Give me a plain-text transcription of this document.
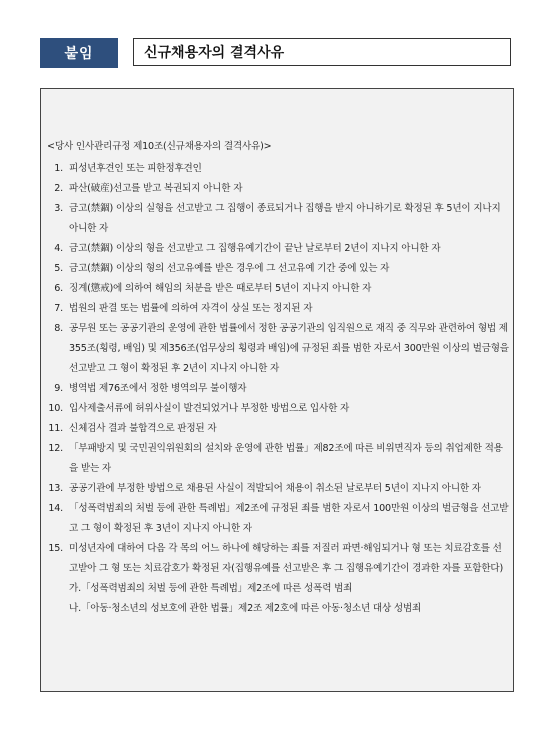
붙임	신규채용자의 결격사유
<당사 인사관리규정 제10조(신규채용자의 결격사유)>
1. 피성년후견인 또는 피한정후견인
2. 파산(破産)선고를 받고 복권되지 아니한 자
3. 금고(禁錮) 이상의 실형을 선고받고 그 집행이 종료되거나 집행을 받지 아니하기로 확정된 후 5년이 지나지 아니한 자
4. 금고(禁錮) 이상의 형을 선고받고 그 집행유예기간이 끝난 날로부터 2년이 지나지 아니한 자
5. 금고(禁錮) 이상의 형의 선고유예를 받은 경우에 그 선고유예 기간 중에 있는 자
6. 징계(懲戒)에 의하여 해임의 처분을 받은 때로부터 5년이 지나지 아니한 자
7. 법원의 판결 또는 법률에 의하여 자격이 상실 또는 정지된 자
8. 공무원 또는 공공기관의 운영에 관한 법률에서 정한 공공기관의 임직원으로 재직 중 직무와 관련하여 형법 제355조(횡령, 배임) 및 제356조(업무상의 횡령과 배임)에 규정된 죄를 범한 자로서 300만원 이상의 벌금형을 선고받고 그 형이 확정된 후 2년이 지나지 아니한 자
9. 병역법 제76조에서 정한 병역의무 불이행자
10. 입사제출서류에 허위사실이 발견되었거나 부정한 방법으로 입사한 자
11. 신체검사 결과 불합격으로 판정된 자
12. 「부패방지 및 국민권익위원회의 설치와 운영에 관한 법률」제82조에 따른 비위면직자 등의 취업제한 적용을 받는 자
13. 공공기관에 부정한 방법으로 채용된 사실이 적발되어 채용이 취소된 날로부터 5년이 지나지 아니한 자
14. 「성폭력범죄의 처벌 등에 관한 특례법」제2조에 규정된 죄를 범한 자로서 100만원 이상의 벌금형을 선고받고 그 형이 확정된 후 3년이 지나지 아니한 자
15. 미성년자에 대하여 다음 각 목의 어느 하나에 해당하는 죄를 저질러 파면·해임되거나 형 또는 치료감호를 선고받아 그 형 또는 치료감호가 확정된 자(집행유예를 선고받은 후 그 집행유예기간이 경과한 자를 포함한다)
가.「성폭력범죄의 처벌 등에 관한 특례법」제2조에 따른 성폭력 범죄
나.「아동·청소년의 성보호에 관한 법률」제2조 제2호에 따른 아동·청소년 대상 성범죄
